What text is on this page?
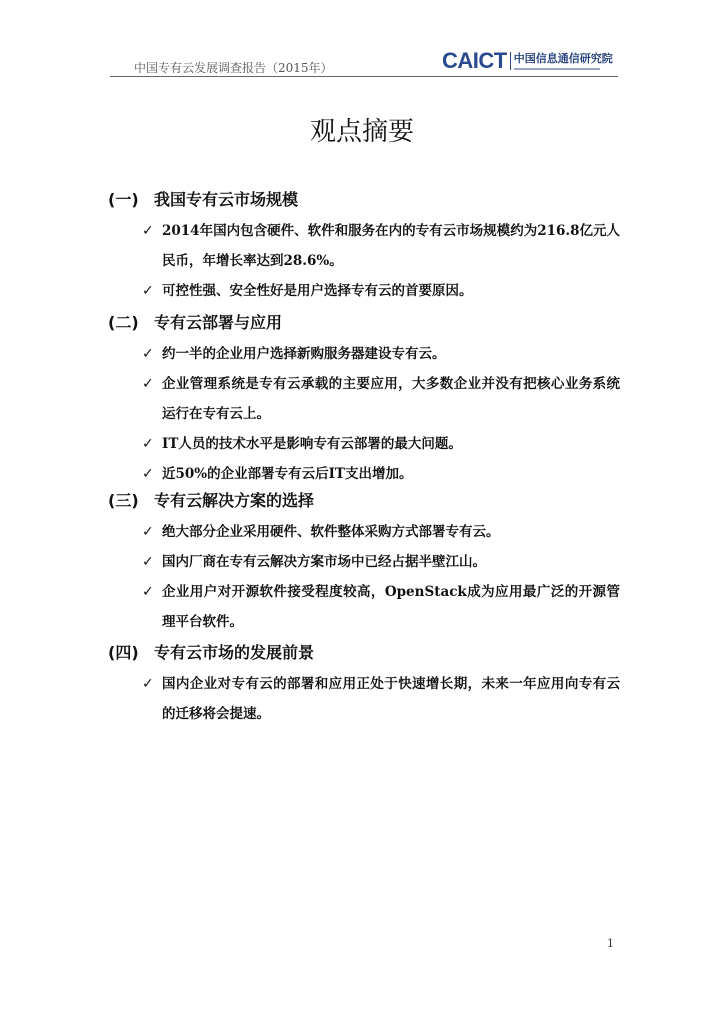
中国专有云发展调查报告（2015年）	CAICT 中国信息通信研究院
观点摘要
(一) 我国专有云市场规模
✓ 2014年国内包含硬件、软件和服务在内的专有云市场规模约为216.8亿元人民币，年增长率达到28.6%。
✓ 可控性强、安全性好是用户选择专有云的首要原因。
(二) 专有云部署与应用
✓ 约一半的企业用户选择新购服务器建设专有云。
✓ 企业管理系统是专有云承载的主要应用，大多数企业并没有把核心业务系统运行在专有云上。
✓ IT人员的技术水平是影响专有云部署的最大问题。
✓ 近50%的企业部署专有云后IT支出增加。
(三) 专有云解决方案的选择
✓ 绝大部分企业采用硬件、软件整体采购方式部署专有云。
✓ 国内厂商在专有云解决方案市场中已经占据半壁江山。
✓ 企业用户对开源软件接受程度较高，OpenStack成为应用最广泛的开源管理平台软件。
(四) 专有云市场的发展前景
✓ 国内企业对专有云的部署和应用正处于快速增长期，未来一年应用向专有云的迁移将会提速。
1
